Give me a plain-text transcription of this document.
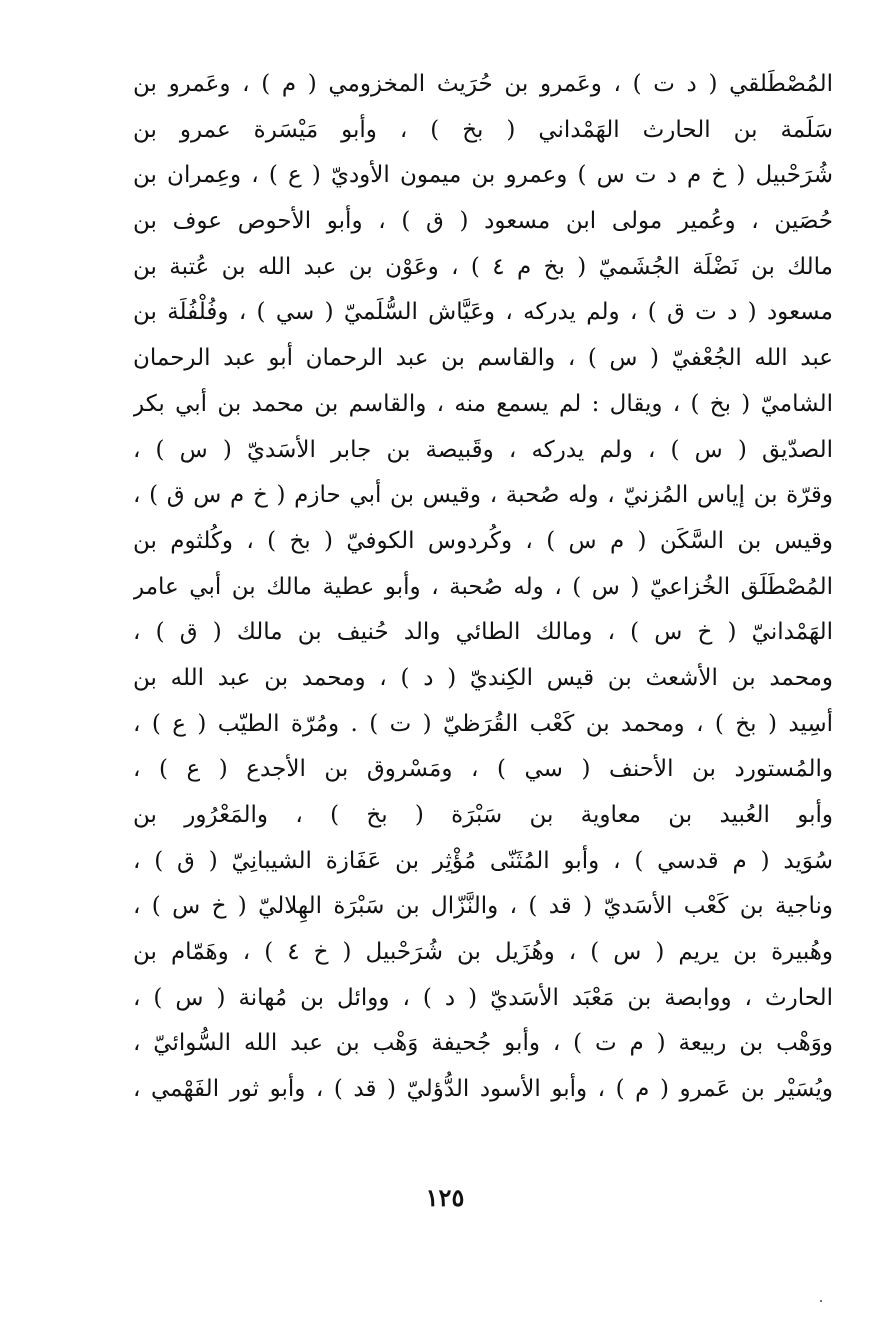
المُصْطَلقي ( د ت ) ، وعَمرو بن حُرَيث المخزومي ( م ) ، وعَمرو بن
سَلَمة بن الحارث الهَمْداني ( بخ ) ، وأبو مَيْسَرة عمرو بن
شُرَحْبيل ( خ م د ت س ) وعمرو بن ميمون الأوديّ ( ع ) ، وعِمران بن
حُصَين ، وعُمير مولى ابن مسعود ( ق ) ، وأبو الأحوص عوف بن
مالك بن نَضْلَة الجُشَميّ ( بخ م ٤ ) ، وعَوْن بن عبد الله بن عُتبة بن
مسعود ( د ت ق ) ، ولم يدركه ، وعَيَّاش السُّلَميّ ( سي ) ، وفُلْفُلَة بن
عبد الله الجُعْفيّ ( س ) ، والقاسم بن عبد الرحمان أبو عبد الرحمان
الشاميّ ( بخ ) ، ويقال : لم يسمع منه ، والقاسم بن محمد بن أبي بكر
الصدّيق ( س ) ، ولم يدركه ، وقَبيصة بن جابر الأسَديّ ( س ) ،
وقرّة بن إياس المُزنيّ ، وله صُحبة ، وقيس بن أبي حازم ( خ م س ق ) ،
وقيس بن السَّكَن ( م س ) ، وكُردوس الكوفيّ ( بخ ) ، وكُلثوم بن
المُصْطَلَق الخُزاعيّ ( س ) ، وله صُحبة ، وأبو عطية مالك بن أبي عامر
الهَمْدانيّ ( خ س ) ، ومالك الطائي والد حُنيف بن مالك ( ق ) ،
ومحمد بن الأشعث بن قيس الكِنديّ ( د ) ، ومحمد بن عبد الله بن
أسِيد ( بخ ) ، ومحمد بن كَعْب القُرَظيّ ( ت ) . ومُرّة الطيّب ( ع ) ،
والمُستورد بن الأحنف ( سي ) ، ومَسْروق بن الأجدع ( ع ) ،
وأبو العُبيد بن معاوية بن سَبْرَة ( بخ ) ، والمَعْرُور بن
سُوَيد ( م قدسي ) ، وأبو المُثَنّى مُؤْثِر بن عَفَازة الشيبانِيّ ( ق ) ،
وناجية بن كَعْب الأسَديّ ( قد ) ، والنَّزّال بن سَبْرَة الهِلاليّ ( خ س ) ،
وهُبيرة بن يريم ( س ) ، وهُزَيل بن شُرَحْبيل ( خ ٤ ) ، وهَمّام بن
الحارث ، ووابصة بن مَعْبَد الأسَديّ ( د ) ، ووائل بن مُهانة ( س ) ،
ووَهْب بن ربيعة ( م ت ) ، وأبو جُحيفة وَهْب بن عبد الله السُّوائيّ ،
ويُسَيْر بن عَمرو ( م ) ، وأبو الأسود الدُّؤليّ ( قد ) ، وأبو ثور الفَهْمي ،
١٢٥
